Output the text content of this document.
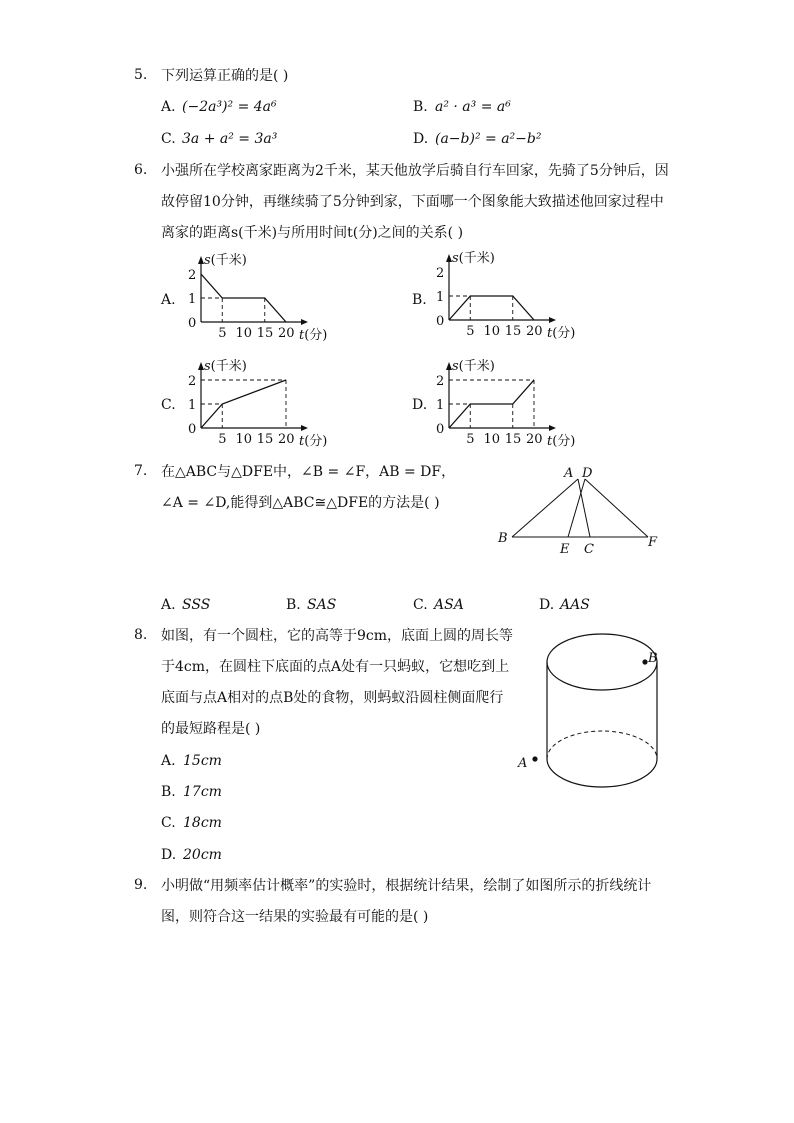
5. 下列运算正确的是( )
A. (−2a³)² = 4a⁶	B. a² · a³ = a⁶
C. 3a + a² = 3a³	D. (a−b)² = a²−b²
6. 小强所在学校离家距离为2千米，某天他放学后骑自行车回家，先骑了5分钟后，因
故停留10分钟，再继续骑了5分钟到家，下面哪一个图象能大致描述他回家过程中
离家的距离s(千米)与所用时间t(分)之间的关系( )
A.	B.
C.	D.
s(千米)
t(分)
2
1
0
5 10 15 20
s(千米)
t(分)
2
1
0
5 10 15 20
s(千米)
t(分)
2
1
0
5 10 15 20
s(千米)
t(分)
2
1
0
5 10 15 20
7. 在△ABC与△DFE中，∠B = ∠F，AB = DF，
∠A = ∠D,能得到△ABC≅△DFE的方法是( )
A D
B
E C	F
A. SSS	B. SAS	C. ASA	D. AAS
8. 如图，有一个圆柱，它的高等于9cm，底面上圆的周长等
于4cm，在圆柱下底面的点A处有一只蚂蚁，它想吃到上
底面与点A相对的点B处的食物，则蚂蚁沿圆柱侧面爬行
的最短路程是( )
A
B
A. 15cm
B. 17cm
C. 18cm
D. 20cm
9. 小明做“用频率估计概率”的实验时，根据统计结果，绘制了如图所示的折线统计
图，则符合这一结果的实验最有可能的是( )
